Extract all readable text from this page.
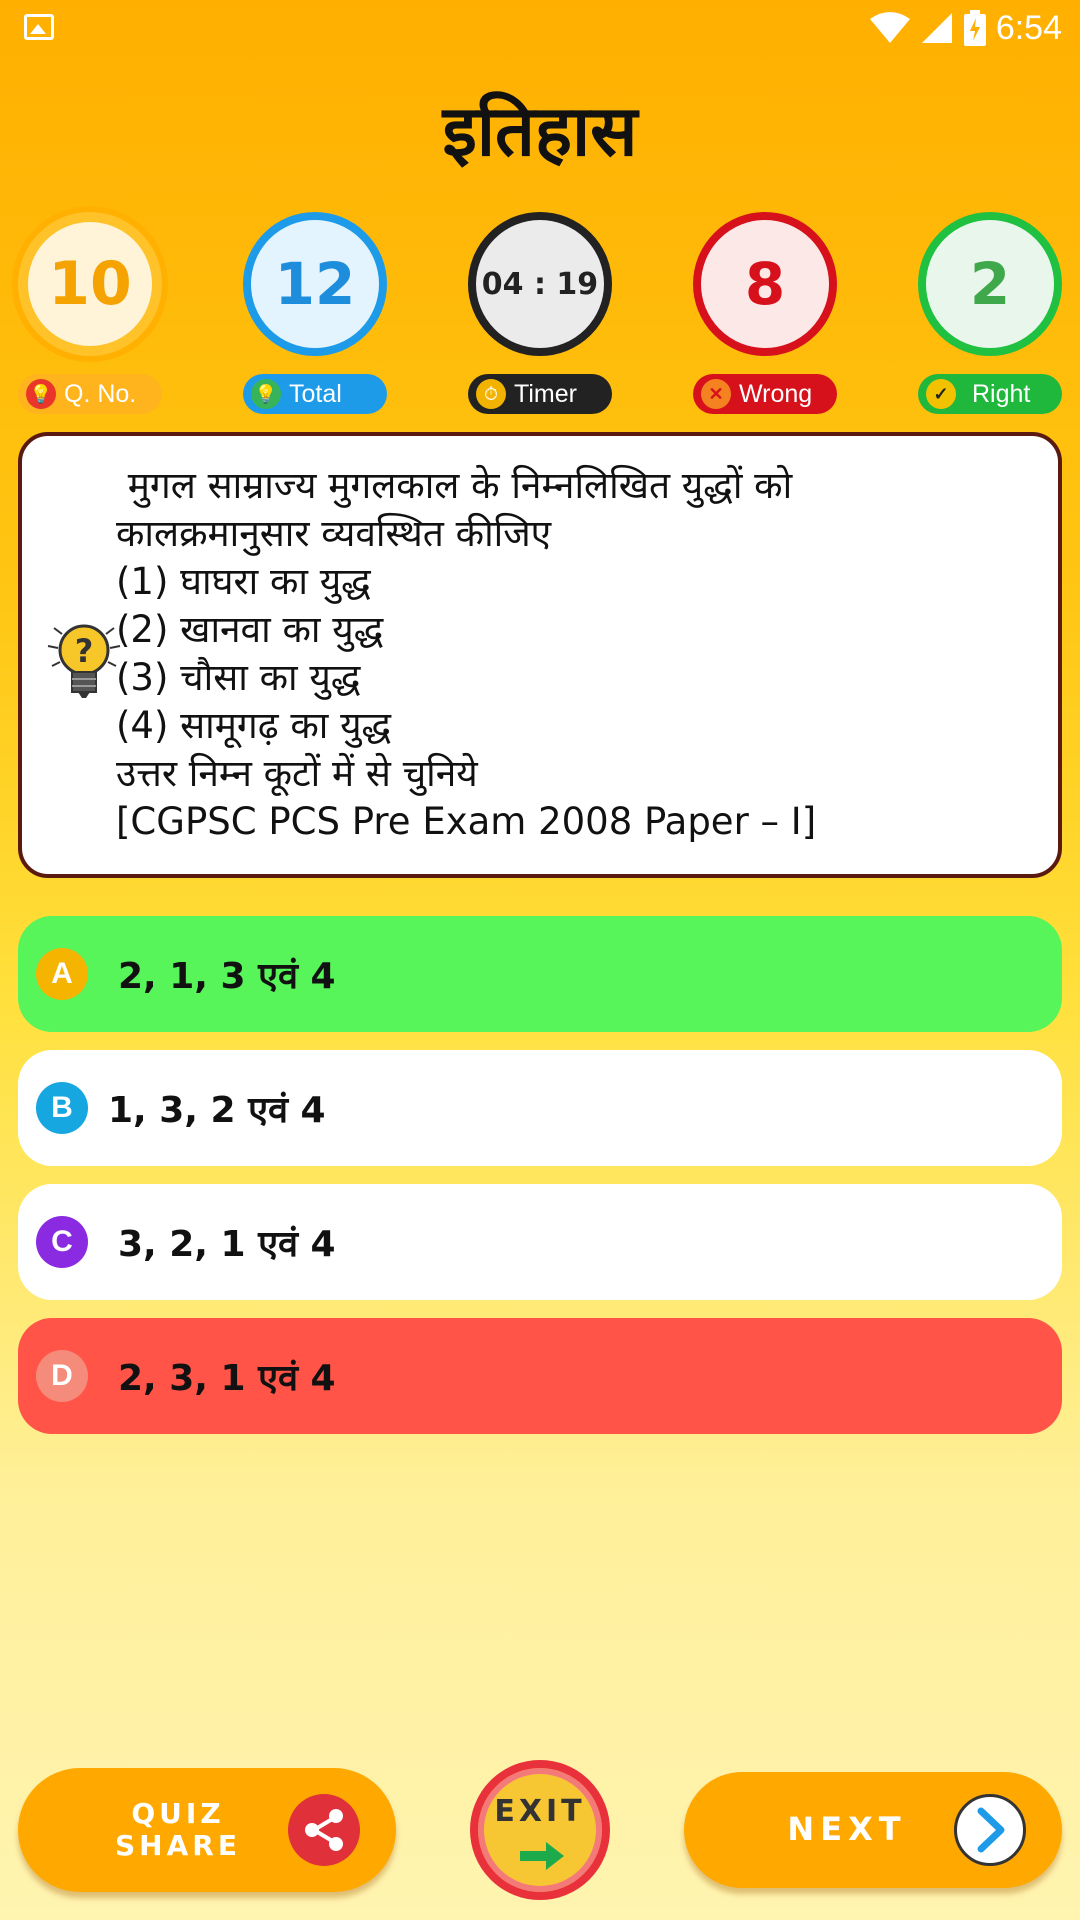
6:54
इतिहास
10
💡 Q. No.
12
💡 Total
04 : 19
⏱ Timer
8
✕ Wrong
2
✓ Right
?
मुगल साम्राज्य मुगलकाल के निम्नलिखित युद्धों को
कालक्रमानुसार व्यवस्थित कीजिए
(1) घाघरा का युद्ध
(2) खानवा का युद्ध
(3) चौसा का युद्ध
(4) सामूगढ़ का युद्ध
उत्तर निम्न कूटों में से चुनिये
[CGPSC PCS Pre Exam 2008 Paper – I]
A	2, 1, 3 एवं 4
B 1, 3, 2 एवं 4
C	3, 2, 1 एवं 4
D	2, 3, 1 एवं 4
QUIZ
SHARE
EXIT	NEXT
